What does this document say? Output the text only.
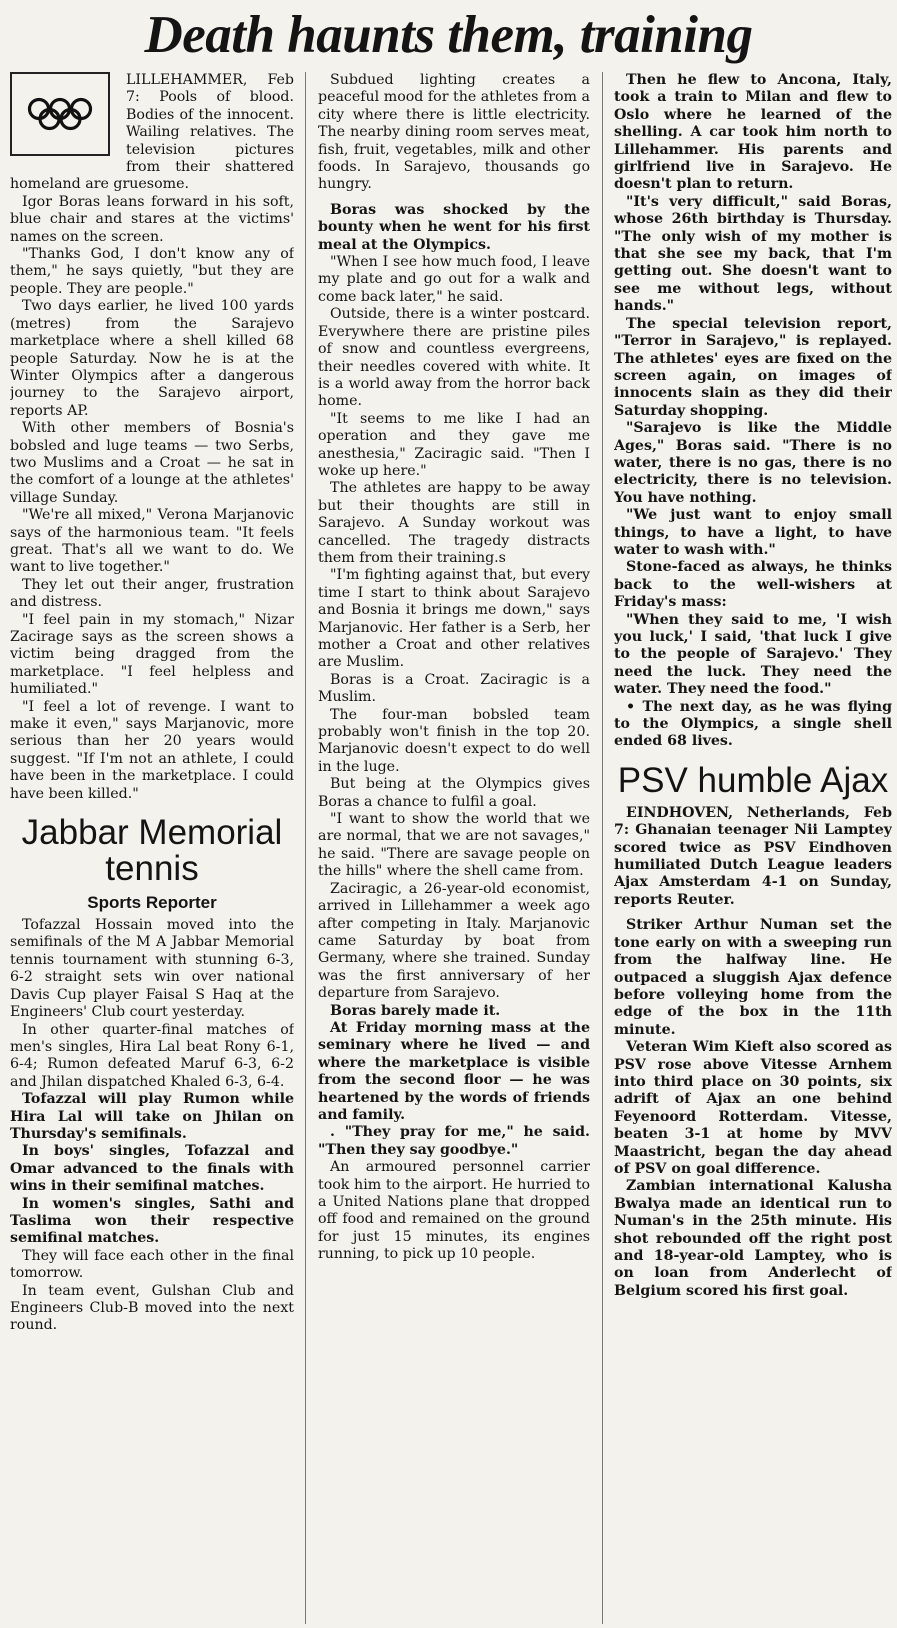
Death haunts them, training

LILLEHAMMER, Feb 7: Pools of blood. Bodies of the innocent. Wailing relatives. The television pictures from their shattered homeland are gruesome.

Igor Boras leans forward in his soft, blue chair and stares at the victims' names on the screen.

"Thanks God, I don't know any of them," he says quietly, "but they are people. They are people."

Two days earlier, he lived 100 yards (metres) from the Sarajevo marketplace where a shell killed 68 people Saturday. Now he is at the Winter Olympics after a dangerous journey to the Sarajevo airport, reports AP.

With other members of Bosnia's bobsled and luge teams — two Serbs, two Muslims and a Croat — he sat in the comfort of a lounge at the athletes' village Sunday.

"We're all mixed," Verona Marjanovic says of the harmonious team. "It feels great. That's all we want to do. We want to live together."

They let out their anger, frustration and distress.

"I feel pain in my stomach," Nizar Zacirage says as the screen shows a victim being dragged from the marketplace. "I feel helpless and humiliated."

"I feel a lot of revenge. I want to make it even," says Marjanovic, more serious than her 20 years would suggest. "If I'm not an athlete, I could have been in the marketplace. I could have been killed."

Jabbar Memorial tennis
Sports Reporter

Tofazzal Hossain moved into the semifinals of the M A Jabbar Memorial tennis tournament with stunning 6-3, 6-2 straight sets win over national Davis Cup player Faisal S Haq at the Engineers' Club court yesterday.

In other quarter-final matches of men's singles, Hira Lal beat Rony 6-1, 6-4; Rumon defeated Maruf 6-3, 6-2 and Jhilan dispatched Khaled 6-3, 6-4.

Tofazzal will play Rumon while Hira Lal will take on Jhilan on Thursday's semifinals.

In boys' singles, Tofazzal and Omar advanced to the finals with wins in their semifinal matches.

In women's singles, Sathi and Taslima won their respective semifinal matches.

They will face each other in the final tomorrow.

In team event, Gulshan Club and Engineers Club-B moved into the next round.

Subdued lighting creates a peaceful mood for the athletes from a city where there is little electricity. The nearby dining room serves meat, fish, fruit, vegetables, milk and other foods. In Sarajevo, thousands go hungry.

Boras was shocked by the bounty when he went for his first meal at the Olympics.

"When I see how much food, I leave my plate and go out for a walk and come back later," he said.

Outside, there is a winter postcard. Everywhere there are pristine piles of snow and countless evergreens, their needles covered with white. It is a world away from the horror back home.

"It seems to me like I had an operation and they gave me anesthesia," Zaciragic said. "Then I woke up here."

The athletes are happy to be away but their thoughts are still in Sarajevo. A Sunday workout was cancelled. The tragedy distracts them from their training.s

"I'm fighting against that, but every time I start to think about Sarajevo and Bosnia it brings me down," says Marjanovic. Her father is a Serb, her mother a Croat and other relatives are Muslim.

Boras is a Croat. Zaciragic is a Muslim.

The four-man bobsled team probably won't finish in the top 20. Marjanovic doesn't expect to do well in the luge.

But being at the Olympics gives Boras a chance to fulfil a goal.

"I want to show the world that we are normal, that we are not savages," he said. "There are savage people on the hills" where the shell came from.

Zaciragic, a 26-year-old economist, arrived in Lillehammer a week ago after competing in Italy. Marjanovic came Saturday by boat from Germany, where she trained. Sunday was the first anniversary of her departure from Sarajevo.

Boras barely made it.

At Friday morning mass at the seminary where he lived — and where the marketplace is visible from the second floor — he was heartened by the words of friends and family.

. "They pray for me," he said. "Then they say goodbye."

An armoured personnel carrier took him to the airport. He hurried to a United Nations plane that dropped off food and remained on the ground for just 15 minutes, its engines running, to pick up 10 people.

Then he flew to Ancona, Italy, took a train to Milan and flew to Oslo where he learned of the shelling. A car took him north to Lillehammer. His parents and girlfriend live in Sarajevo. He doesn't plan to return.

"It's very difficult," said Boras, whose 26th birthday is Thursday. "The only wish of my mother is that she see my back, that I'm getting out. She doesn't want to see me without legs, without hands."

The special television report, "Terror in Sarajevo," is replayed. The athletes' eyes are fixed on the screen again, on images of innocents slain as they did their Saturday shopping.

"Sarajevo is like the Middle Ages," Boras said. "There is no water, there is no gas, there is no electricity, there is no television. You have nothing.

"We just want to enjoy small things, to have a light, to have water to wash with."

Stone-faced as always, he thinks back to the well-wishers at Friday's mass:

"When they said to me, 'I wish you luck,' I said, 'that luck I give to the people of Sarajevo.' They need the luck. They need the water. They need the food."

• The next day, as he was flying to the Olympics, a single shell ended 68 lives.

PSV humble Ajax

EINDHOVEN, Netherlands, Feb 7: Ghanaian teenager Nii Lamptey scored twice as PSV Eindhoven humiliated Dutch League leaders Ajax Amsterdam 4-1 on Sunday, reports Reuter.

Striker Arthur Numan set the tone early on with a sweeping run from the halfway line. He outpaced a sluggish Ajax defence before volleying home from the edge of the box in the 11th minute.

Veteran Wim Kieft also scored as PSV rose above Vitesse Arnhem into third place on 30 points, six adrift of Ajax an one behind Feyenoord Rotterdam. Vitesse, beaten 3-1 at home by MVV Maastricht, began the day ahead of PSV on goal difference.

Zambian international Kalusha Bwalya made an identical run to Numan's in the 25th minute. His shot rebounded off the right post and 18-year-old Lamptey, who is on loan from Anderlecht of Belgium scored his first goal.
